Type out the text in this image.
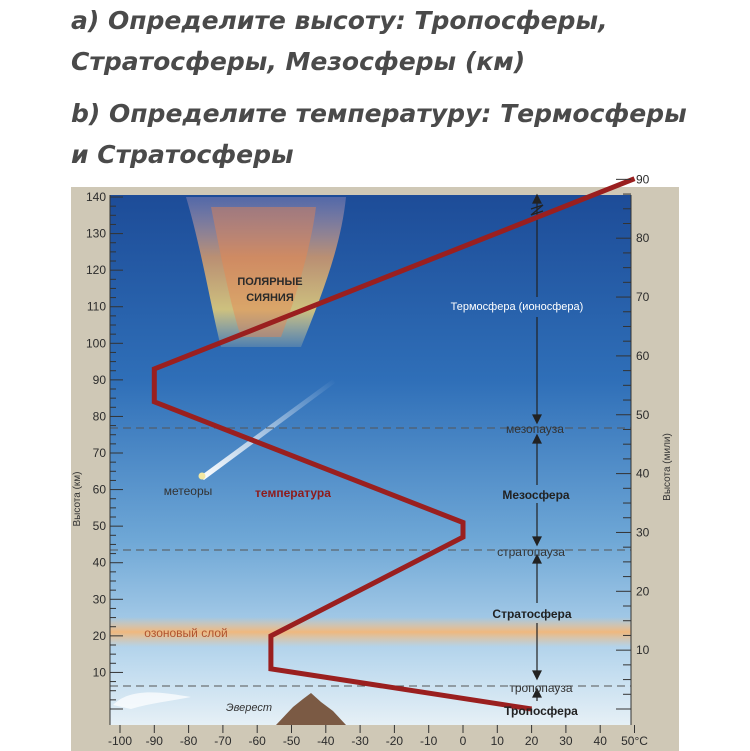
a) Определите высоту: Тропосферы,
Стратосферы, Мезосферы (км)

b) Определите температуру: Термосферы
и Стратосферы

10
20
30
40
50
60
70
80
90
100
110
120
130
140
10
20
30
40
50
60
70
80
90
-100 -90 -80 -70 -60 -50 -40 -30 -20 -10 0 10 20 30 40 50°C
Высота (км)	Высота (мили)
ПОЛЯРНЫЕ
СИЯНИЯ
Термосфера (ионосфера)
мезопауза
метеоры	температура	Мезосфера
стратопауза
Стратосфера
озоновый слой
тропопауза
Тропосфера
Эверест
